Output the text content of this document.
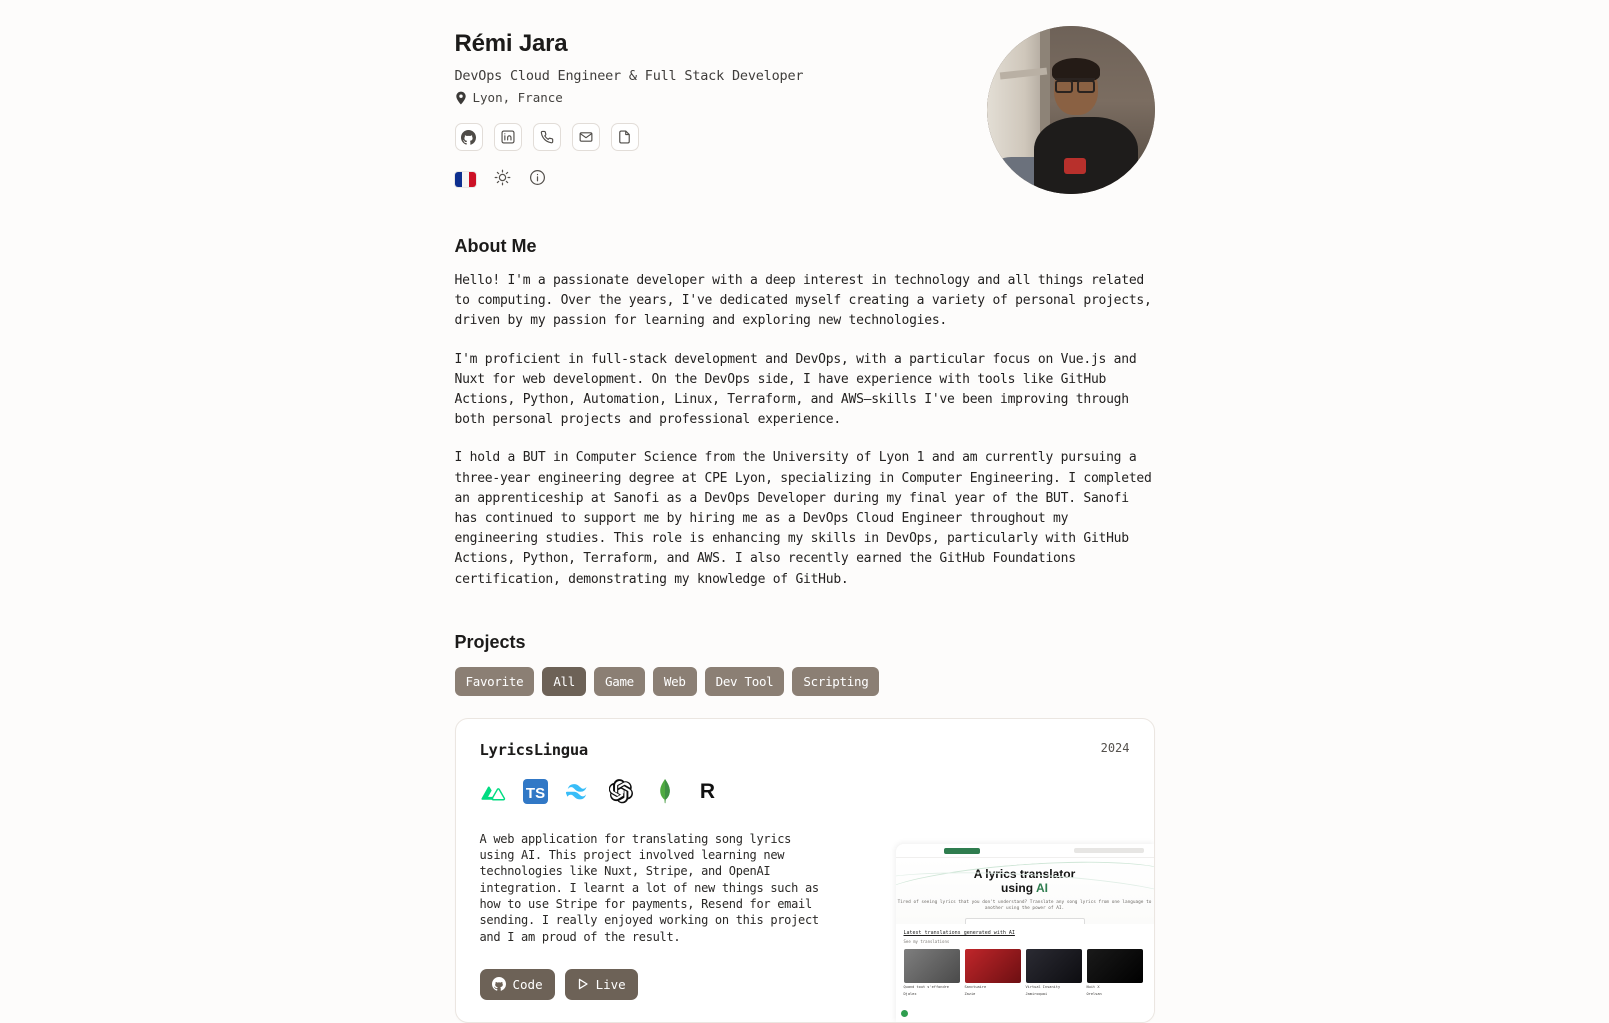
Rémi Jara
DevOps Cloud Engineer & Full Stack Developer
Lyon, France
About Me

Hello! I'm a passionate developer with a deep interest in technology and all things related to computing. Over the years, I've dedicated myself creating a variety of personal projects, driven by my passion for learning and exploring new technologies.

I'm proficient in full-stack development and DevOps, with a particular focus on Vue.js and Nuxt for web development. On the DevOps side, I have experience with tools like GitHub Actions, Python, Automation, Linux, Terraform, and AWS—skills I've been improving through both personal projects and professional experience.

I hold a BUT in Computer Science from the University of Lyon 1 and am currently pursuing a three-year engineering degree at CPE Lyon, specializing in Computer Engineering. I completed an apprenticeship at Sanofi as a DevOps Developer during my final year of the BUT. Sanofi has continued to support me by hiring me as a DevOps Cloud Engineer throughout my engineering studies. This role is enhancing my skills in DevOps, particularly with GitHub Actions, Python, Terraform, and AWS. I also recently earned the GitHub Foundations certification, demonstrating my knowledge of GitHub.

Projects
Favorite	All	Game	Web	Dev Tool	Scripting
LyricsLingua	2024
TS	R
A web application for translating song lyrics using AI. This project involved learning new technologies like Nuxt, Stripe, and OpenAI integration. I learnt a lot of new things such as how to use Stripe for payments, Resend for email sending. I really enjoyed working on this project and I am proud of the result.
Code	Live
A lyrics translator
using AI
Tired of seeing lyrics that you don't understand? Translate any song lyrics from one language to another using the power of AI.
Latest translations generated with AI
See my translations
Quand tout s'effondre
Djalex
Sanctuaire
Zazie
Virtual Insanity
Jamiroquai
Nuit X
Orelsan
